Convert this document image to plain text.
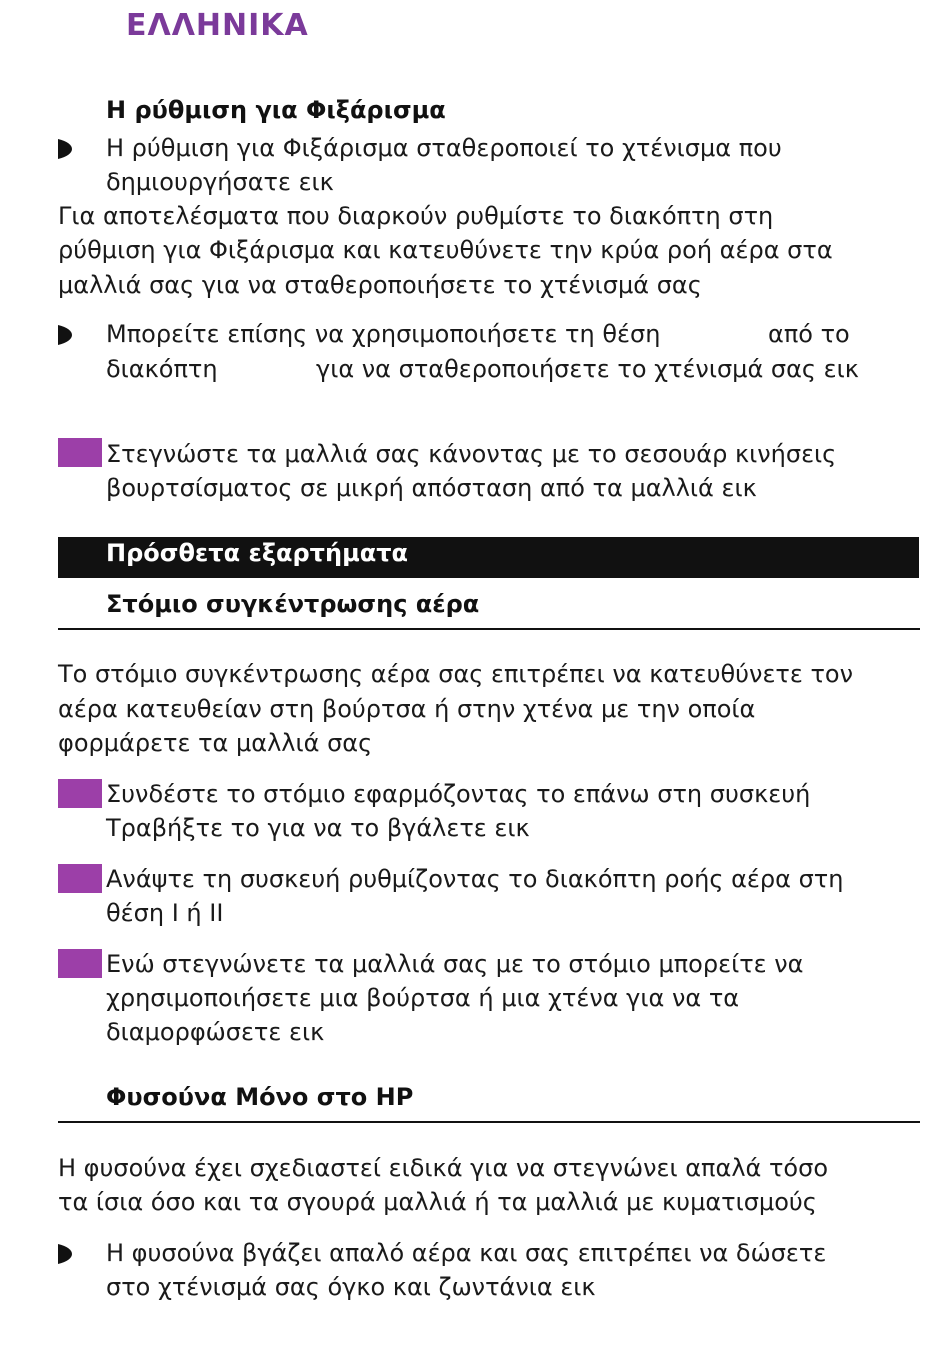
ΕΛΛΗΝΙΚΑ
Η ρύθμιση για Φιξάρισμα
Η ρύθμιση για Φιξάρισμα σταθεροποιεί το χτένισμα που
δημιουργήσατε εικ
Για αποτελέσματα που διαρκούν ρυθμίστε το διακόπτη στη
ρύθμιση για Φιξάρισμα και κατευθύνετε την κρύα ροή αέρα στα
μαλλιά σας για να σταθεροποιήσετε το χτένισμά σας
Μπορείτε επίσης να χρησιμοποιήσετε τη θέση	από το
διακόπτη	για να σταθεροποιήσετε το χτένισμά σας εικ
Στεγνώστε τα μαλλιά σας κάνοντας με το σεσουάρ κινήσεις
βουρτσίσματος σε μικρή απόσταση από τα μαλλιά εικ
Πρόσθετα εξαρτήματα
Στόμιο συγκέντρωσης αέρα
Το στόμιο συγκέντρωσης αέρα σας επιτρέπει να κατευθύνετε τον
αέρα κατευθείαν στη βούρτσα ή στην χτένα με την οποία
φορμάρετε τα μαλλιά σας
Συνδέστε το στόμιο εφαρμόζοντας το επάνω στη συσκευή
Τραβήξτε το για να το βγάλετε εικ
Ανάψτε τη συσκευή ρυθμίζοντας το διακόπτη ροής αέρα στη
θέση I ή II
Ενώ στεγνώνετε τα μαλλιά σας με το στόμιο μπορείτε να
χρησιμοποιήσετε μια βούρτσα ή μια χτένα για να τα
διαμορφώσετε εικ
Φυσούνα Μόνο στο HP
Η φυσούνα έχει σχεδιαστεί ειδικά για να στεγνώνει απαλά τόσο
τα ίσια όσο και τα σγουρά μαλλιά ή τα μαλλιά με κυματισμούς
Η φυσούνα βγάζει απαλό αέρα και σας επιτρέπει να δώσετε
στο χτένισμά σας όγκο και ζωντάνια εικ
